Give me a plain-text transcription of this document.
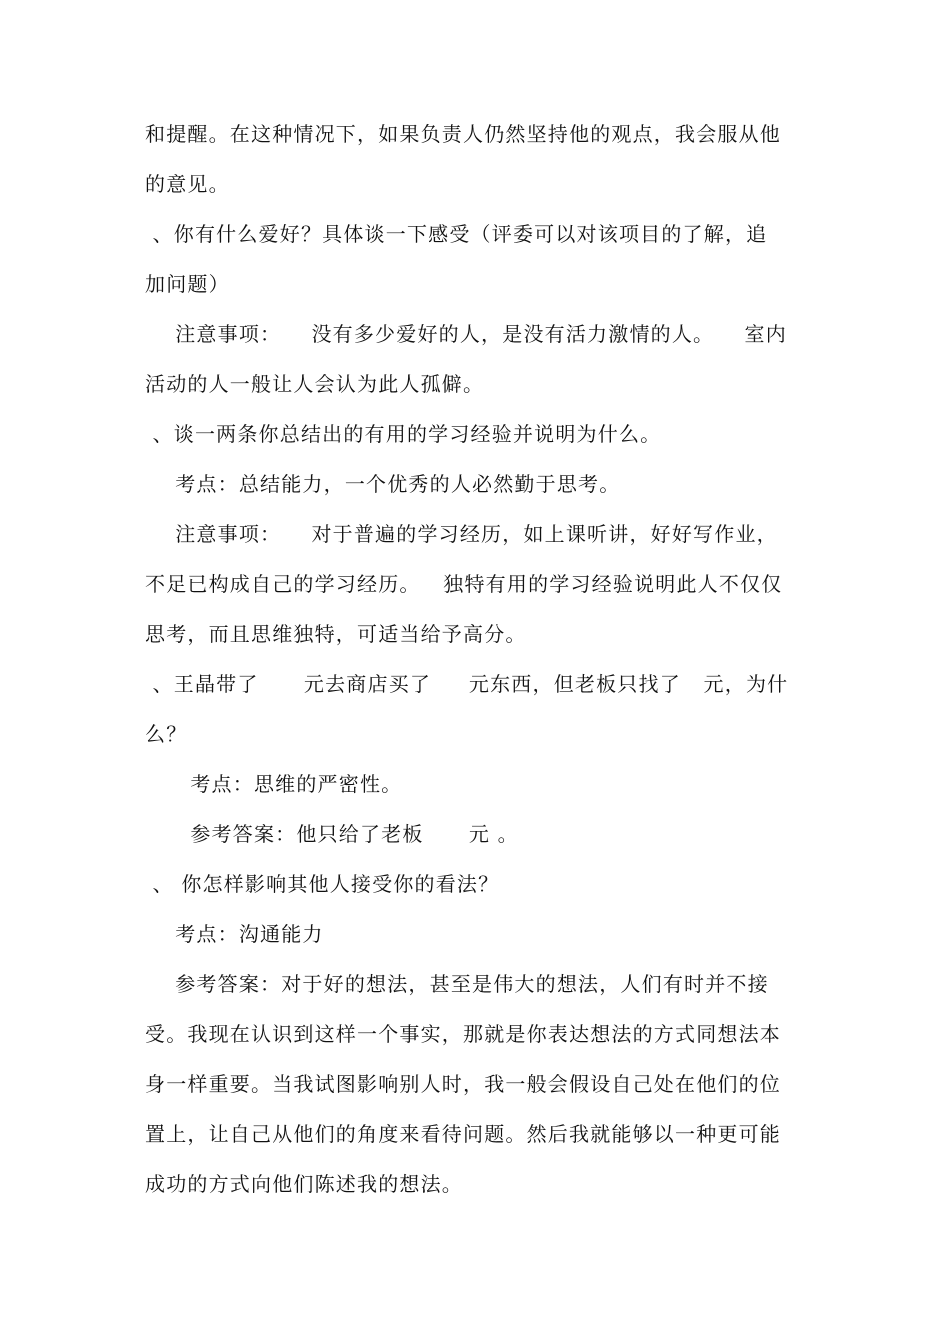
和提醒。在这种情况下，如果负责人仍然坚持他的观点，我会服从他
的意见。
、你有什么爱好？具体谈一下感受（评委可以对该项目的了解，追
加问题）
注意事项：    没有多少爱好的人，是没有活力激情的人。    室内
活动的人一般让人会认为此人孤僻。
、谈一两条你总结出的有用的学习经验并说明为什么。
考点：总结能力，一个优秀的人必然勤于思考。
注意事项：    对于普遍的学习经历，如上课听讲，好好写作业，
不足已构成自己的学习经历。   独特有用的学习经验说明此人不仅仅
思考，而且思维独特，可适当给予高分。
、王晶带了      元去商店买了     元东西，但老板只找了   元，为什
么？
考点：思维的严密性。
参考答案：他只给了老板      元 。
、 你怎样影响其他人接受你的看法？
考点：沟通能力
参考答案：对于好的想法，甚至是伟大的想法，人们有时并不接
受。我现在认识到这样一个事实，那就是你表达想法的方式同想法本
身一样重要。当我试图影响别人时，我一般会假设自己处在他们的位
置上，让自己从他们的角度来看待问题。然后我就能够以一种更可能
成功的方式向他们陈述我的想法。
